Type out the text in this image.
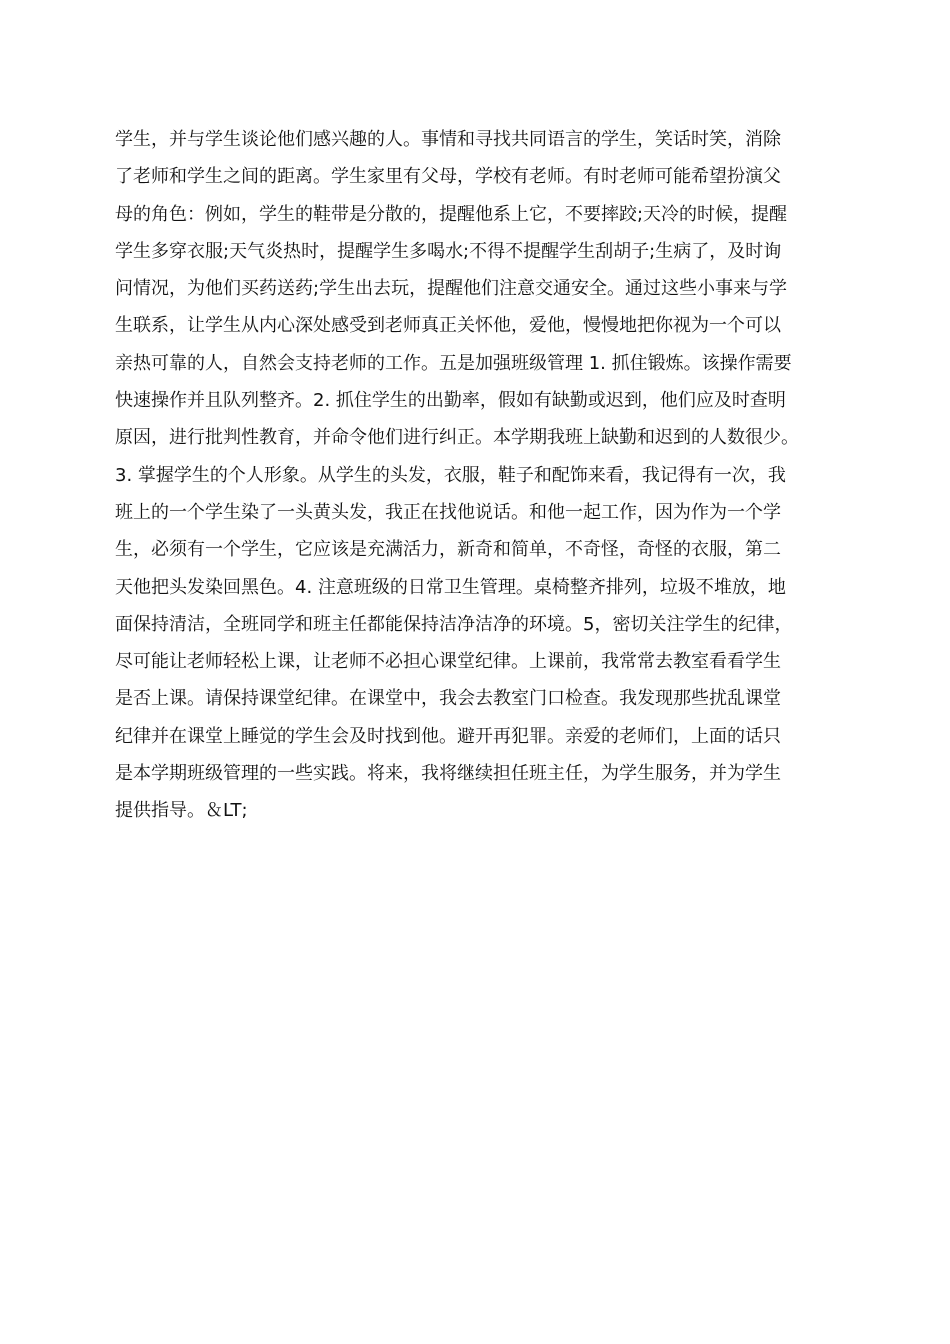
学生，并与学生谈论他们感兴趣的人。事情和寻找共同语言的学生，笑话时笑，消除
了老师和学生之间的距离。学生家里有父母，学校有老师。有时老师可能希望扮演父
母的角色：例如，学生的鞋带是分散的，提醒他系上它，不要摔跤;天冷的时候，提醒
学生多穿衣服;天气炎热时，提醒学生多喝水;不得不提醒学生刮胡子;生病了，及时询
问情况，为他们买药送药;学生出去玩，提醒他们注意交通安全。通过这些小事来与学
生联系，让学生从内心深处感受到老师真正关怀他，爱他，慢慢地把你视为一个可以
亲热可靠的人，自然会支持老师的工作。五是加强班级管理 1. 抓住锻炼。该操作需要
快速操作并且队列整齐。2. 抓住学生的出勤率，假如有缺勤或迟到，他们应及时查明
原因，进行批判性教育，并命令他们进行纠正。本学期我班上缺勤和迟到的人数很少。
3. 掌握学生的个人形象。从学生的头发，衣服，鞋子和配饰来看，我记得有一次，我
班上的一个学生染了一头黄头发，我正在找他说话。和他一起工作，因为作为一个学
生，必须有一个学生，它应该是充满活力，新奇和简单，不奇怪，奇怪的衣服，第二
天他把头发染回黑色。4. 注意班级的日常卫生管理。桌椅整齐排列，垃圾不堆放，地
面保持清洁，全班同学和班主任都能保持洁净洁净的环境。5，密切关注学生的纪律，
尽可能让老师轻松上课，让老师不必担心课堂纪律。上课前，我常常去教室看看学生
是否上课。请保持课堂纪律。在课堂中，我会去教室门口检查。我发现那些扰乱课堂
纪律并在课堂上睡觉的学生会及时找到他。避开再犯罪。亲爱的老师们，上面的话只
是本学期班级管理的一些实践。将来，我将继续担任班主任，为学生服务，并为学生
提供指导。＆LT;
